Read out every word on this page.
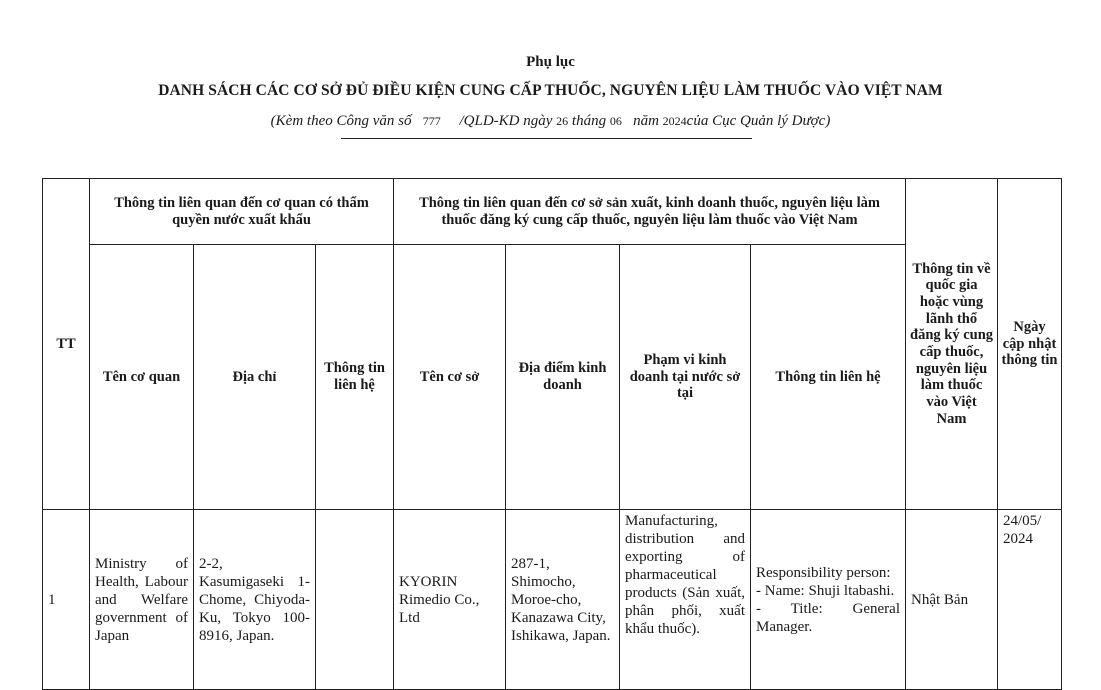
Phụ lục
DANH SÁCH CÁC CƠ SỞ ĐỦ ĐIỀU KIỆN CUNG CẤP THUỐC, NGUYÊN LIỆU LÀM THUỐC VÀO VIỆT NAM
(Kèm theo Công văn số 777 /QLD-KD ngày 26 tháng 06 năm 2024của Cục Quản lý Dược)
TT	Thông tin liên quan đến cơ quan có thẩm quyền nước xuất khẩu			Thông tin liên quan đến cơ sở sản xuất, kinh doanh thuốc, nguyên liệu làm thuốc đăng ký cung cấp thuốc, nguyên liệu làm thuốc vào Việt Nam				Thông tin về quốc gia hoặc vùng lãnh thổ đăng ký cung cấp thuốc, nguyên liệu làm thuốc vào Việt Nam	Ngày cập nhật thông tin
	Tên cơ quan	Địa chỉ	Thông tin liên hệ	Tên cơ sở	Địa điểm kinh doanh	Phạm vi kinh doanh tại nước sở tại	Thông tin liên hệ		
1	Ministry of Health, Labour and Welfare government of Japan	2-2, Kasumigaseki 1-Chome, Chiyoda-Ku, Tokyo 100-8916, Japan.		KYORIN Rimedio Co., Ltd	287-1, Shimocho, Moroe-cho, Kanazawa City, Ishikawa, Japan.	Manufacturing, distribution and exporting of pharmaceutical products (Sản xuất, phân phối, xuất khẩu thuốc).	Responsibility person:
- Name: Shuji ltabashi.
- Title: General Manager.	Nhật Bản	24/05/ 2024
